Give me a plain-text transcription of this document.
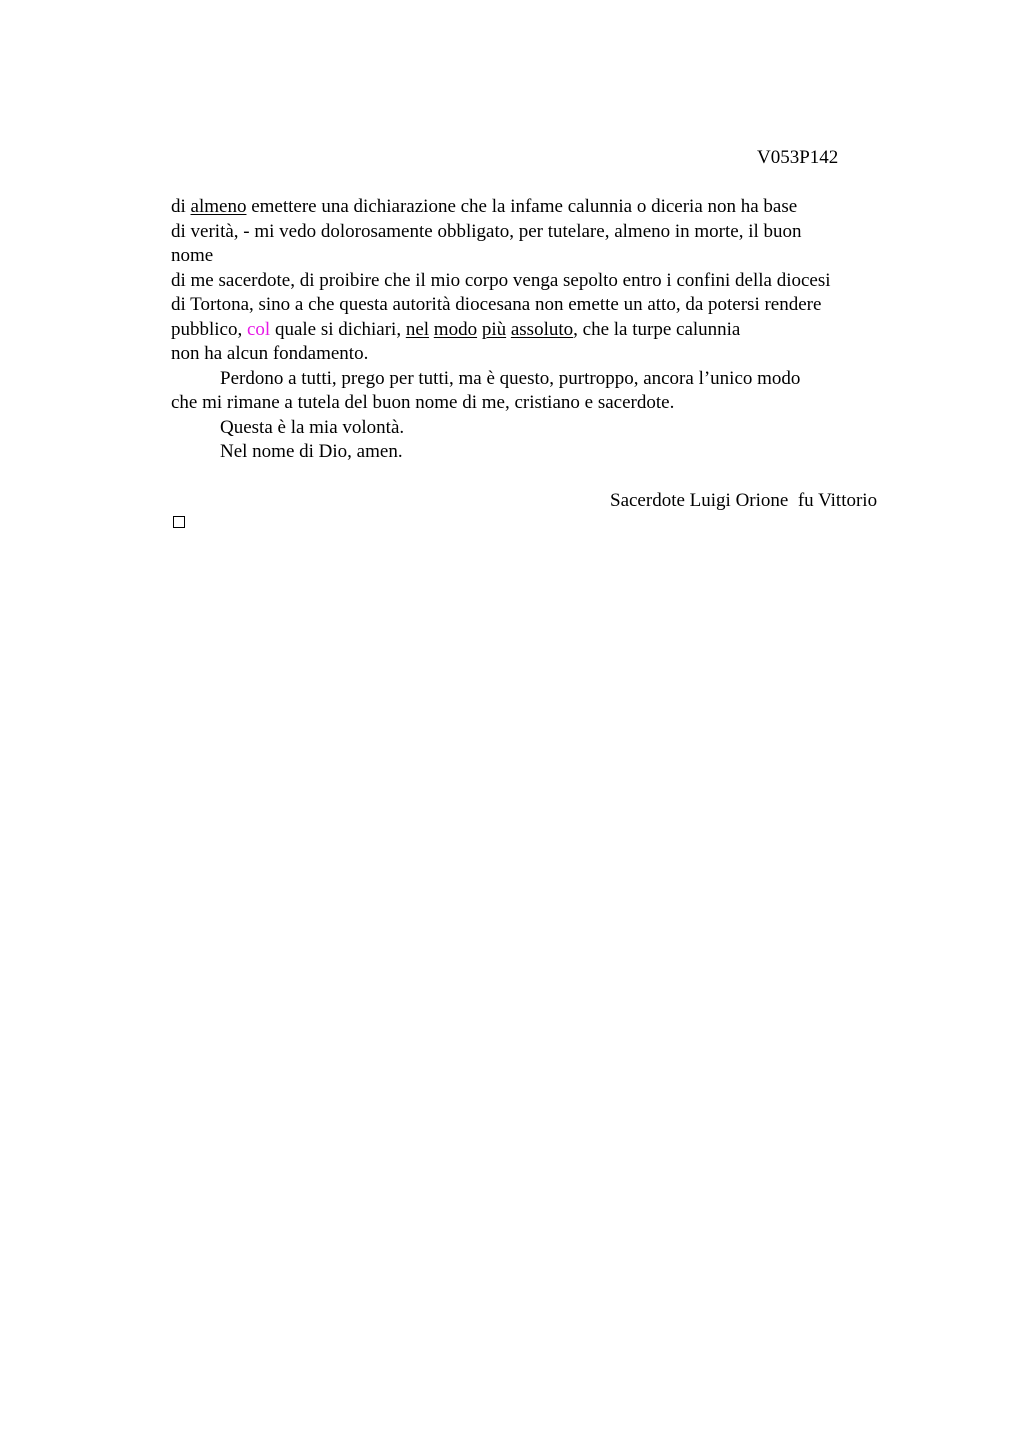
V053P142
di almeno emettere una dichiarazione che la infame calunnia o diceria non ha base
di verità, - mi vedo dolorosamente obbligato, per tutelare, almeno in morte, il buon
nome
di me sacerdote, di proibire che il mio corpo venga sepolto entro i confini della diocesi
di Tortona, sino a che questa autorità diocesana non emette un atto, da potersi rendere
pubblico, col quale si dichiari, nel modo più assoluto, che la turpe calunnia
non ha alcun fondamento.
Perdono a tutti, prego per tutti, ma è questo, purtroppo, ancora l’unico modo
che mi rimane a tutela del buon nome di me, cristiano e sacerdote.
Questa è la mia volontà.
Nel nome di Dio, amen.
Sacerdote Luigi Orione  fu Vittorio
